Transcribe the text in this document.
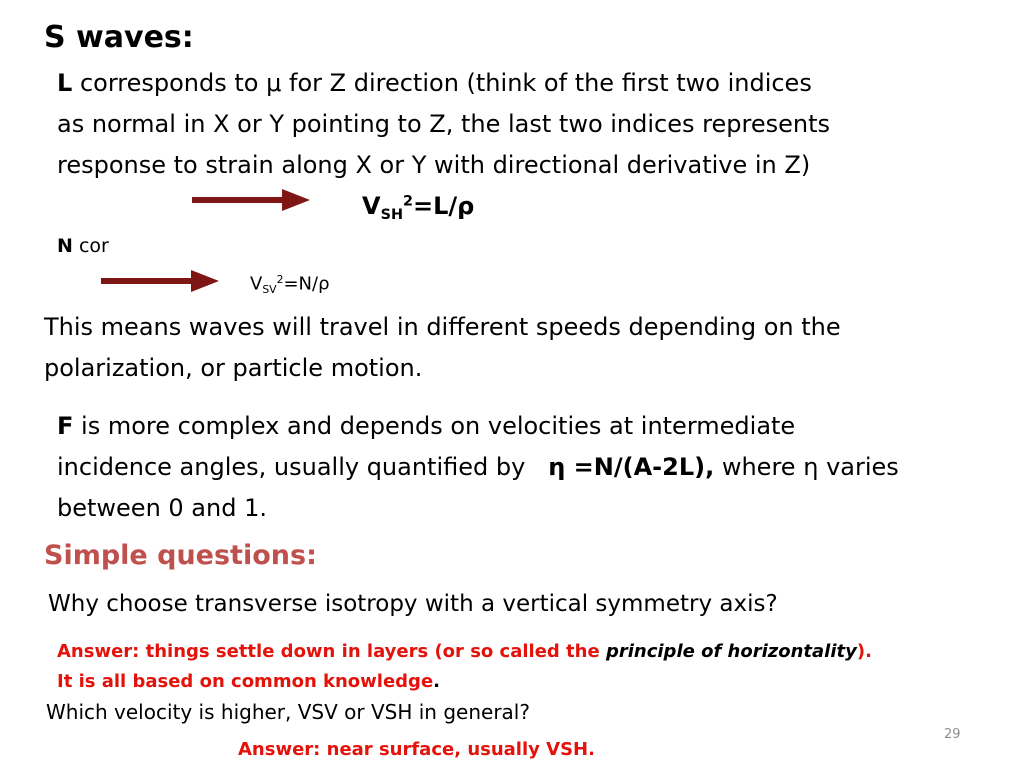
S waves:
L corresponds to μ for Z direction (think of the first two indices
as normal in X or Y pointing to Z, the last two indices represents
response to strain along X or Y with directional derivative in Z)
$V_{SH}^2=L/\rho$
N cor
$V_{SV}^2=N/\rho$
This means waves will travel in different speeds depending on the
polarization, or particle motion.
F is more complex and depends on velocities at intermediate
incidence angles, usually quantified by η =N/(A-2L), where η varies
between 0 and 1.
Simple questions:
Why choose transverse isotropy with a vertical symmetry axis?
Answer: things settle down in layers (or so called the principle of horizontality).
It is all based on common knowledge.
Which velocity is higher, VSV or VSH in general?
29
Answer: near surface, usually VSH.
